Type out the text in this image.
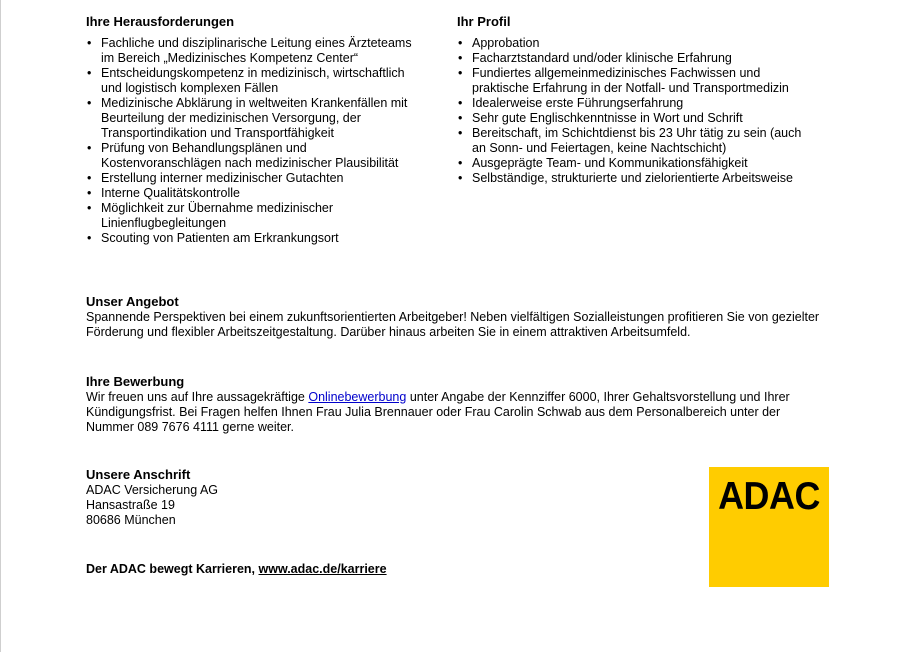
Ihre Herausforderungen
• Fachliche und disziplinarische Leitung eines Ärzteteams im Bereich „Medizinisches Kompetenz Center“
• Entscheidungskompetenz in medizinisch, wirtschaftlich und logistisch komplexen Fällen
• Medizinische Abklärung in weltweiten Krankenfällen mit Beurteilung der medizinischen Versorgung, der Transportindikation und Transportfähigkeit
• Prüfung von Behandlungsplänen und Kostenvoranschlägen nach medizinischer Plausibilität
• Erstellung interner medizinischer Gutachten
• Interne Qualitätskontrolle
• Möglichkeit zur Übernahme medizinischer Linienflugbegleitungen
• Scouting von Patienten am Erkrankungsort
Ihr Profil
• Approbation
• Facharztstandard und/oder klinische Erfahrung
• Fundiertes allgemeinmedizinisches Fachwissen und praktische Erfahrung in der Notfall- und Transportmedizin
• Idealerweise erste Führungserfahrung
• Sehr gute Englischkenntnisse in Wort und Schrift
• Bereitschaft, im Schichtdienst bis 23 Uhr tätig zu sein (auch an Sonn- und Feiertagen, keine Nachtschicht)
• Ausgeprägte Team- und Kommunikationsfähigkeit
• Selbständige, strukturierte und zielorientierte Arbeitsweise
Unser Angebot
Spannende Perspektiven bei einem zukunftsorientierten Arbeitgeber! Neben vielfältigen Sozialleistungen profitieren Sie von gezielter Förderung und flexibler Arbeitszeitgestaltung. Darüber hinaus arbeiten Sie in einem attraktiven Arbeitsumfeld.
Ihre Bewerbung
Wir freuen uns auf Ihre aussagekräftige Onlinebewerbung unter Angabe der Kennziffer 6000, Ihrer Gehaltsvorstellung und Ihrer Kündigungsfrist. Bei Fragen helfen Ihnen Frau Julia Brennauer oder Frau Carolin Schwab aus dem Personalbereich unter der Nummer 089 7676 4111 gerne weiter.
Unsere Anschrift
ADAC Versicherung AG
Hansastraße 19
80686 München
Der ADAC bewegt Karrieren, www.adac.de/karriere
ADAC
